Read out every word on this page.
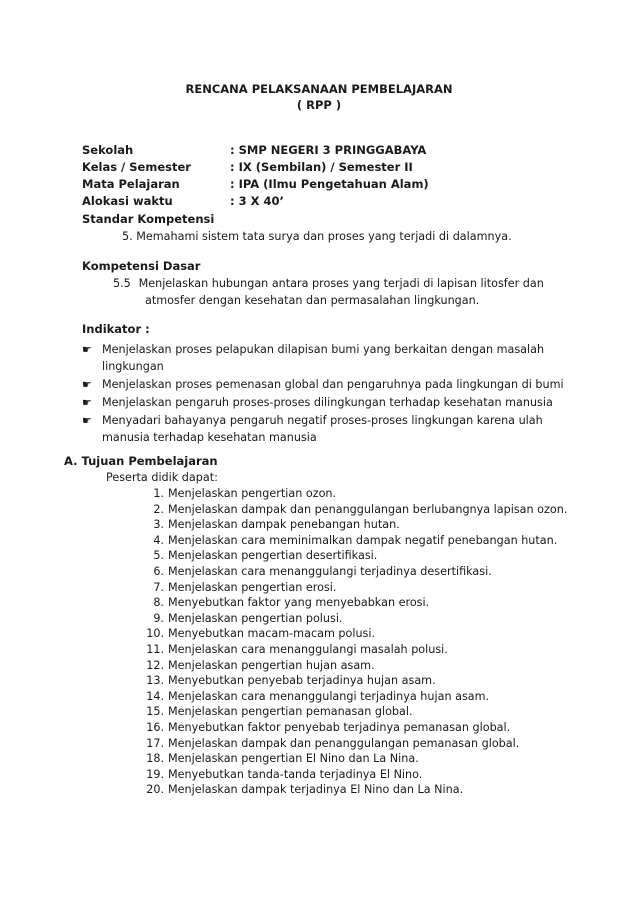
RENCANA PELAKSANAAN PEMBELAJARAN
( RPP )
Sekolah	: SMP NEGERI 3 PRINGGABAYA
Kelas / Semester	: IX (Sembilan) / Semester II
Mata Pelajaran	: IPA (Ilmu Pengetahuan Alam)
Alokasi waktu	: 3 X 40’
Standar Kompetensi
5. Memahami sistem tata surya dan proses yang terjadi di dalamnya.
Kompetensi Dasar
5.5 Menjelaskan hubungan antara proses yang terjadi di lapisan litosfer dan
atmosfer dengan kesehatan dan permasalahan lingkungan.
Indikator :
☛ Menjelaskan proses pelapukan dilapisan bumi yang berkaitan dengan masalah lingkungan
☛ Menjelaskan proses pemenasan global dan pengaruhnya pada lingkungan di bumi
☛ Menjelaskan pengaruh proses-proses dilingkungan terhadap kesehatan manusia
☛ Menyadari bahayanya pengaruh negatif proses-proses lingkungan karena ulah manusia terhadap kesehatan manusia
A. Tujuan Pembelajaran
Peserta didik dapat:
1. Menjelaskan pengertian ozon.
2. Menjelaskan dampak dan penanggulangan berlubangnya lapisan ozon.
3. Menjelaskan dampak penebangan hutan.
4. Menjelaskan cara meminimalkan dampak negatif penebangan hutan.
5. Menjelaskan pengertian desertifikasi.
6. Menjelaskan cara menanggulangi terjadinya desertifikasi.
7. Menjelaskan pengertian erosi.
8. Menyebutkan faktor yang menyebabkan erosi.
9. Menjelaskan pengertian polusi.
10. Menyebutkan macam-macam polusi.
11. Menjelaskan cara menanggulangi masalah polusi.
12. Menjelaskan pengertian hujan asam.
13. Menyebutkan penyebab terjadinya hujan asam.
14. Menjelaskan cara menanggulangi terjadinya hujan asam.
15. Menjelaskan pengertian pemanasan global.
16. Menyebutkan faktor penyebab terjadinya pemanasan global.
17. Menjelaskan dampak dan penanggulangan pemanasan global.
18. Menjelaskan pengertian El Nino dan La Nina.
19. Menyebutkan tanda-tanda terjadinya El Nino.
20. Menjelaskan dampak terjadinya El Nino dan La Nina.
